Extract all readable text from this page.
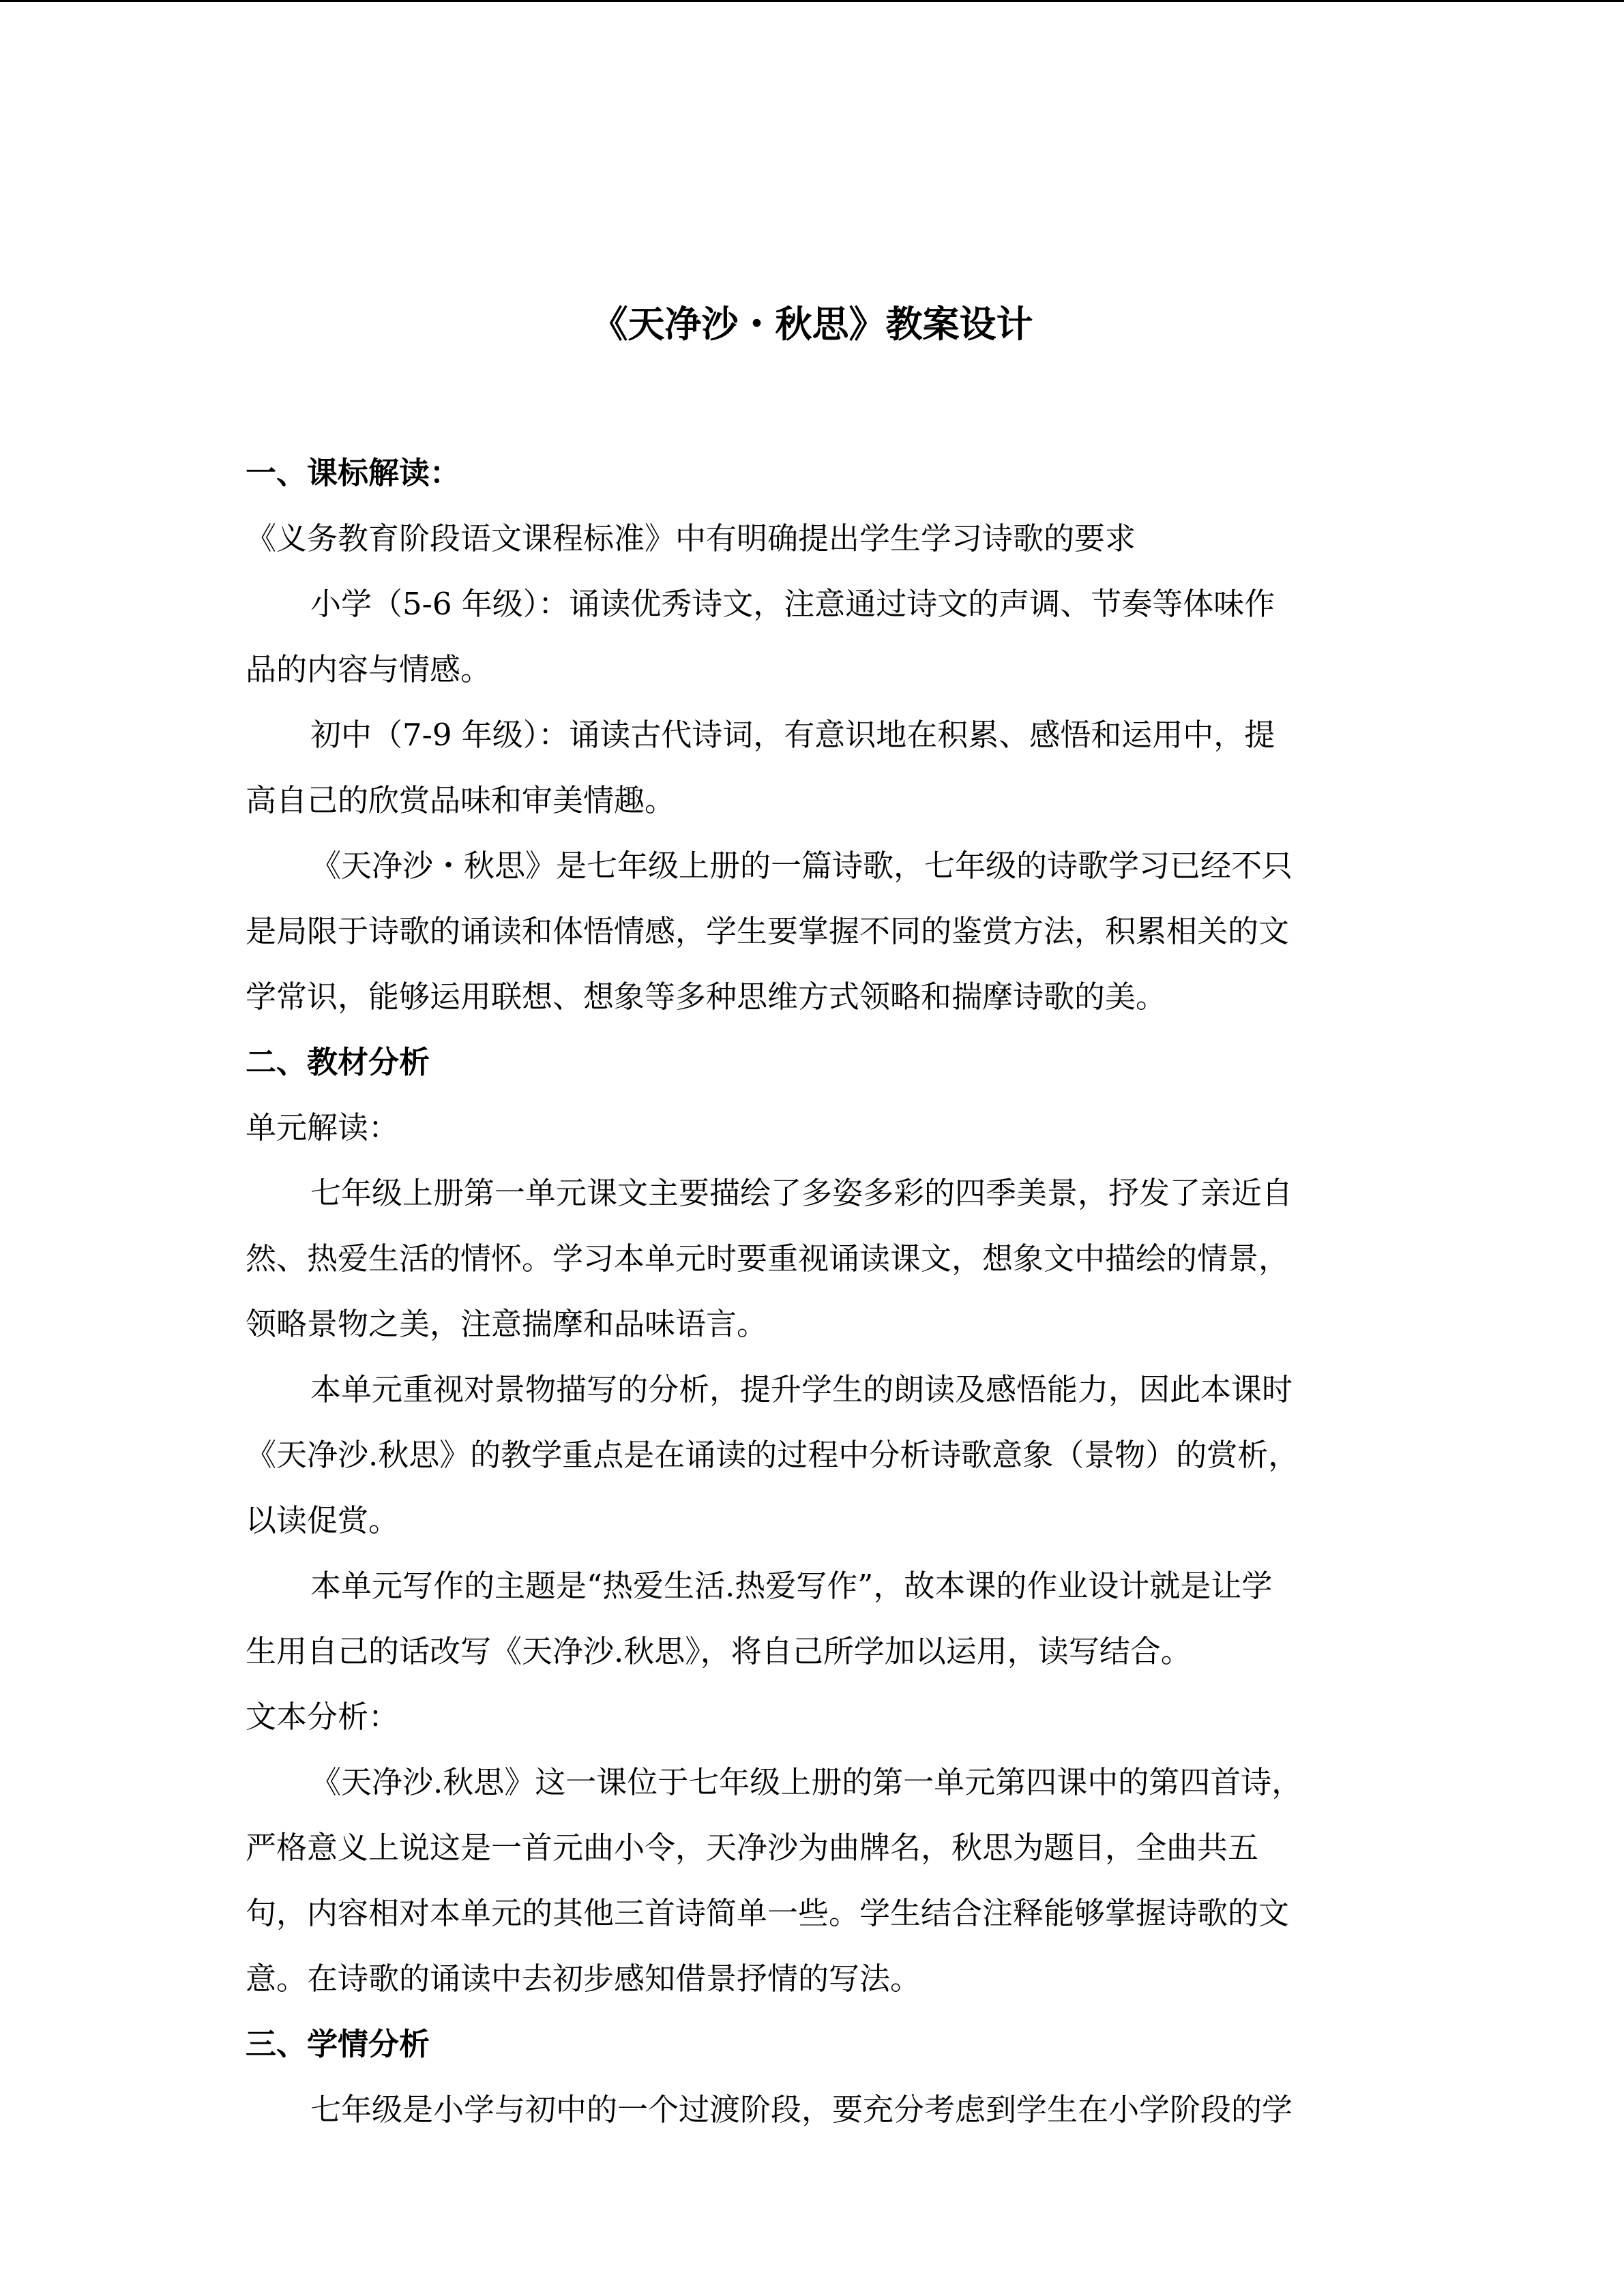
《天净沙・秋思》教案设计
一、课标解读：
《义务教育阶段语文课程标准》中有明确提出学生学习诗歌的要求
小学（5-6 年级）：诵读优秀诗文，注意通过诗文的声调、节奏等体味作
品的内容与情感。
初中（7-9 年级）：诵读古代诗词，有意识地在积累、感悟和运用中，提
高自己的欣赏品味和审美情趣。
《天净沙・秋思》是七年级上册的一篇诗歌，七年级的诗歌学习已经不只
是局限于诗歌的诵读和体悟情感，学生要掌握不同的鉴赏方法，积累相关的文
学常识，能够运用联想、想象等多种思维方式领略和揣摩诗歌的美。
二、教材分析
单元解读：
七年级上册第一单元课文主要描绘了多姿多彩的四季美景，抒发了亲近自
然、热爱生活的情怀。学习本单元时要重视诵读课文，想象文中描绘的情景，
领略景物之美，注意揣摩和品味语言。
本单元重视对景物描写的分析，提升学生的朗读及感悟能力，因此本课时
《天净沙.秋思》的教学重点是在诵读的过程中分析诗歌意象（景物）的赏析，
以读促赏。
本单元写作的主题是“热爱生活.热爱写作”，故本课的作业设计就是让学
生用自己的话改写《天净沙.秋思》，将自己所学加以运用，读写结合。
文本分析：
《天净沙.秋思》这一课位于七年级上册的第一单元第四课中的第四首诗，
严格意义上说这是一首元曲小令，天净沙为曲牌名，秋思为题目，全曲共五
句，内容相对本单元的其他三首诗简单一些。学生结合注释能够掌握诗歌的文
意。在诗歌的诵读中去初步感知借景抒情的写法。
三、学情分析
七年级是小学与初中的一个过渡阶段，要充分考虑到学生在小学阶段的学
